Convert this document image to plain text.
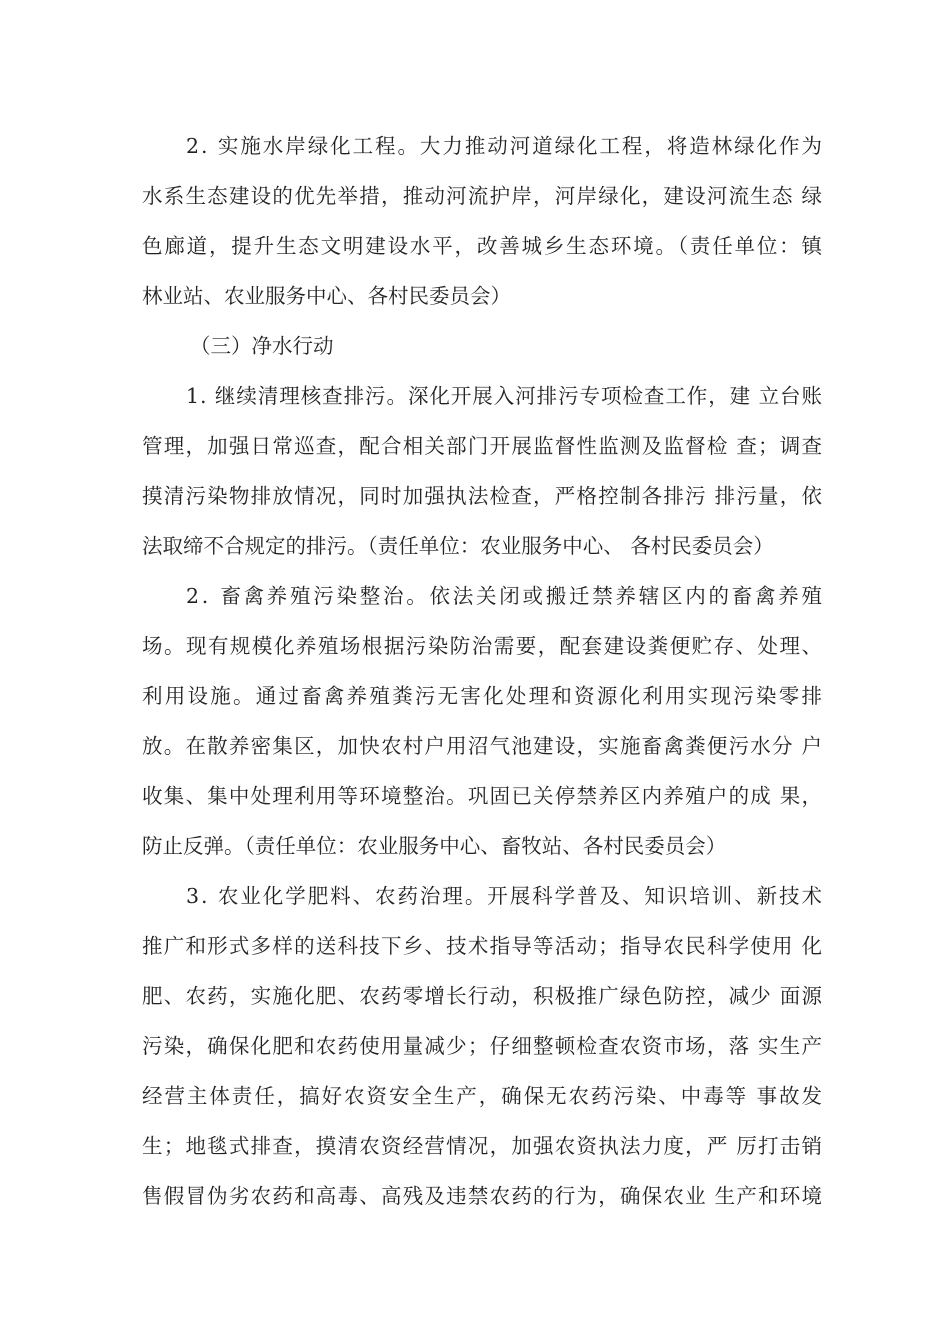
2. 实施水岸绿化工程。大力推动河道绿化工程，将造林绿化作为
水系生态建设的优先举措，推动河流护岸，河岸绿化，建设河流生态 绿
色廊道，提升生态文明建设水平，改善城乡生态环境。（责任单位：镇
林业站、农业服务中心、各村民委员会）
（三）净水行动
1. 继续清理核查排污。深化开展入河排污专项检查工作，建 立台账
管理，加强日常巡查，配合相关部门开展监督性监测及监督检 查；调查
摸清污染物排放情况，同时加强执法检查，严格控制各排污 排污量，依
法取缔不合规定的排污。（责任单位：农业服务中心、 各村民委员会）
2. 畜禽养殖污染整治。依法关闭或搬迁禁养辖区内的畜禽养殖
场。现有规模化养殖场根据污染防治需要，配套建设粪便贮存、处理、
利用设施。通过畜禽养殖粪污无害化处理和资源化利用实现污染零排
放。在散养密集区，加快农村户用沼气池建设，实施畜禽粪便污水分 户
收集、集中处理利用等环境整治。巩固已关停禁养区内养殖户的成 果，
防止反弹。（责任单位：农业服务中心、畜牧站、各村民委员会）
3. 农业化学肥料、农药治理。开展科学普及、知识培训、新技术
推广和形式多样的送科技下乡、技术指导等活动；指导农民科学使用 化
肥、农药，实施化肥、农药零增长行动，积极推广绿色防控，减少 面源
污染，确保化肥和农药使用量减少；仔细整顿检查农资市场，落 实生产
经营主体责任，搞好农资安全生产，确保无农药污染、中毒等 事故发
生；地毯式排查，摸清农资经营情况，加强农资执法力度，严 厉打击销
售假冒伪劣农药和高毒、高残及违禁农药的行为，确保农业 生产和环境
